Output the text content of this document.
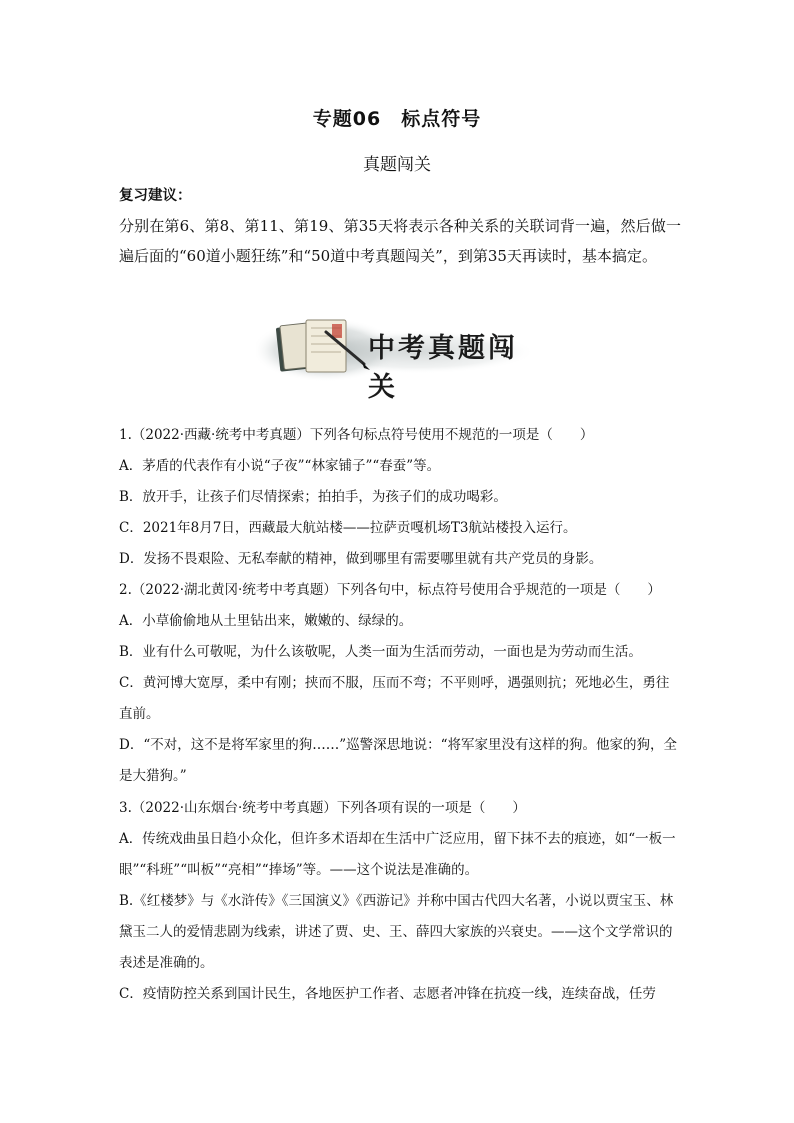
专题06　标点符号
真题闯关
复习建议：
分别在第6、第8、第11、第19、第35天将表示各种关系的关联词背一遍，然后做一遍后面的“60道小题狂练”和“50道中考真题闯关”，到第35天再读时，基本搞定。
中考真题闯关
1.（2022·西藏·统考中考真题）下列各句标点符号使用不规范的一项是（　　）
A．茅盾的代表作有小说“子夜”“林家铺子”“春蚕”等。
B．放开手，让孩子们尽情探索；拍拍手，为孩子们的成功喝彩。
C．2021年8月7日，西藏最大航站楼——拉萨贡嘎机场T3航站楼投入运行。
D．发扬不畏艰险、无私奉献的精神，做到哪里有需要哪里就有共产党员的身影。
2.（2022·湖北黄冈·统考中考真题）下列各句中，标点符号使用合乎规范的一项是（　　）
A．小草偷偷地从土里钻出来，嫩嫩的、绿绿的。
B．业有什么可敬呢，为什么该敬呢，人类一面为生活而劳动，一面也是为劳动而生活。
C．黄河博大宽厚，柔中有刚；挟而不服，压而不弯；不平则呼，遇强则抗；死地必生，勇往直前。
D．“不对，这不是将军家里的狗……”巡警深思地说：“将军家里没有这样的狗。他家的狗，全是大猎狗。”
3.（2022·山东烟台·统考中考真题）下列各项有误的一项是（　　）
A．传统戏曲虽日趋小众化，但许多术语却在生活中广泛应用，留下抹不去的痕迹，如“一板一眼”“科班”“叫板”“亮相”“捧场”等。——这个说法是准确的。
B.《红楼梦》与《水浒传》《三国演义》《西游记》并称中国古代四大名著，小说以贾宝玉、林黛玉二人的爱情悲剧为线索，讲述了贾、史、王、薛四大家族的兴衰史。——这个文学常识的表述是准确的。
C．疫情防控关系到国计民生，各地医护工作者、志愿者冲锋在抗疫一线，连续奋战，任劳
